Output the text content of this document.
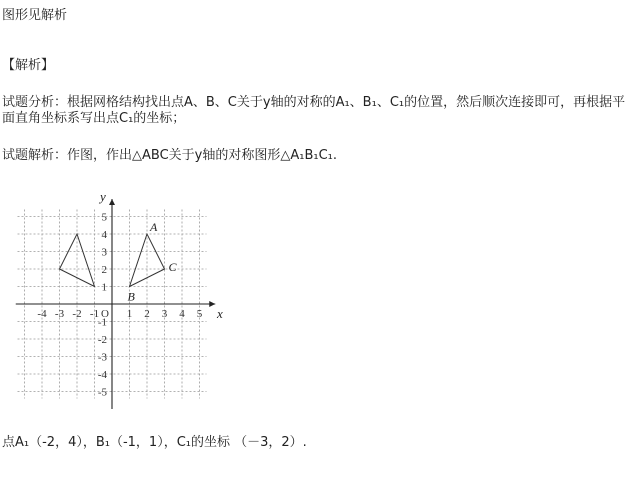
图形见解析
【解析】
试题分析：根据网格结构找出点A、B、C关于y轴的对称的A₁、B₁、C₁的位置，然后顺次连接即可，再根据平面直角坐标系写出点C₁的坐标；
试题解析：作图，作出△ABC关于y轴的对称图形△A₁B₁C₁.
x
y
-4 -3 -2 -1	1 2 3 4 5
5
4
3
2
1
-1
-2
-3
-4
-5
O
A
B
C
点A₁（-2，4），B₁（-1，1），C₁的坐标 （－3，2）.
